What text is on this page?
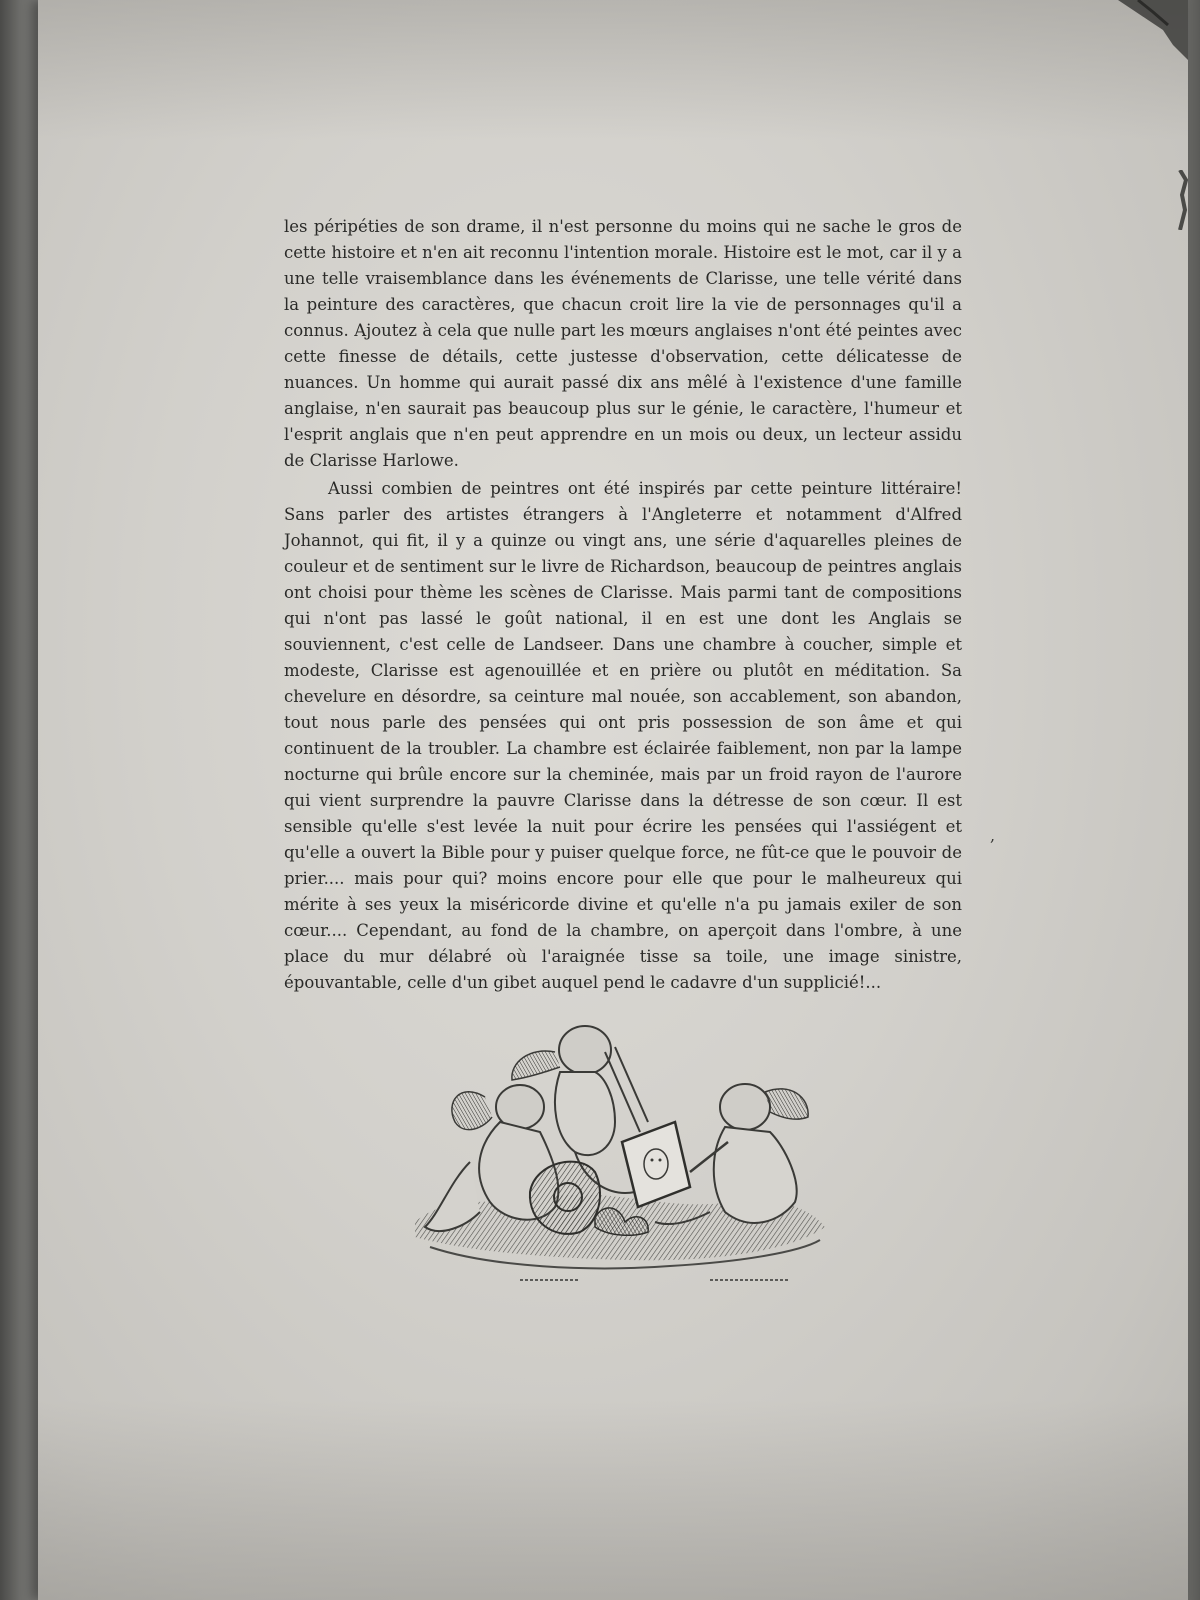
les péripéties de son drame, il n'est personne du moins qui ne sache le gros de cette histoire et n'en ait reconnu l'intention morale. Histoire est le mot, car il y a une telle vraisemblance dans les événements de Clarisse, une telle vérité dans la peinture des caractères, que chacun croit lire la vie de personnages qu'il a connus. Ajoutez à cela que nulle part les mœurs anglaises n'ont été peintes avec cette finesse de détails, cette justesse d'observation, cette délicatesse de nuances. Un homme qui aurait passé dix ans mêlé à l'existence d'une famille anglaise, n'en saurait pas beaucoup plus sur le génie, le caractère, l'humeur et l'esprit anglais que n'en peut apprendre en un mois ou deux, un lecteur assidu de Clarisse Harlowe.

Aussi combien de peintres ont été inspirés par cette peinture littéraire! Sans parler des artistes étrangers à l'Angleterre et notamment d'Alfred Johannot, qui fit, il y a quinze ou vingt ans, une série d'aquarelles pleines de couleur et de sentiment sur le livre de Richardson, beaucoup de peintres anglais ont choisi pour thème les scènes de Clarisse. Mais parmi tant de compositions qui n'ont pas lassé le goût national, il en est une dont les Anglais se souviennent, c'est celle de Landseer. Dans une chambre à coucher, simple et modeste, Clarisse est agenouillée et en prière ou plutôt en méditation. Sa chevelure en désordre, sa ceinture mal nouée, son accablement, son abandon, tout nous parle des pensées qui ont pris possession de son âme et qui continuent de la troubler. La chambre est éclairée faiblement, non par la lampe nocturne qui brûle encore sur la cheminée, mais par un froid rayon de l'aurore qui vient surprendre la pauvre Clarisse dans la détresse de son cœur. Il est sensible qu'elle s'est levée la nuit pour écrire les pensées qui l'assiégent et qu'elle a ouvert la Bible pour y puiser quelque force, ne fût-ce que le pouvoir de prier.... mais pour qui? moins encore pour elle que pour le malheureux qui mérite à ses yeux la miséricorde divine et qu'elle n'a pu jamais exiler de son cœur.... Cependant, au fond de la chambre, on aperçoit dans l'ombre, à une place du mur délabré où l'araignée tisse sa toile, une image sinistre, épouvantable, celle d'un gibet auquel pend le cadavre d'un supplicié!...

,
